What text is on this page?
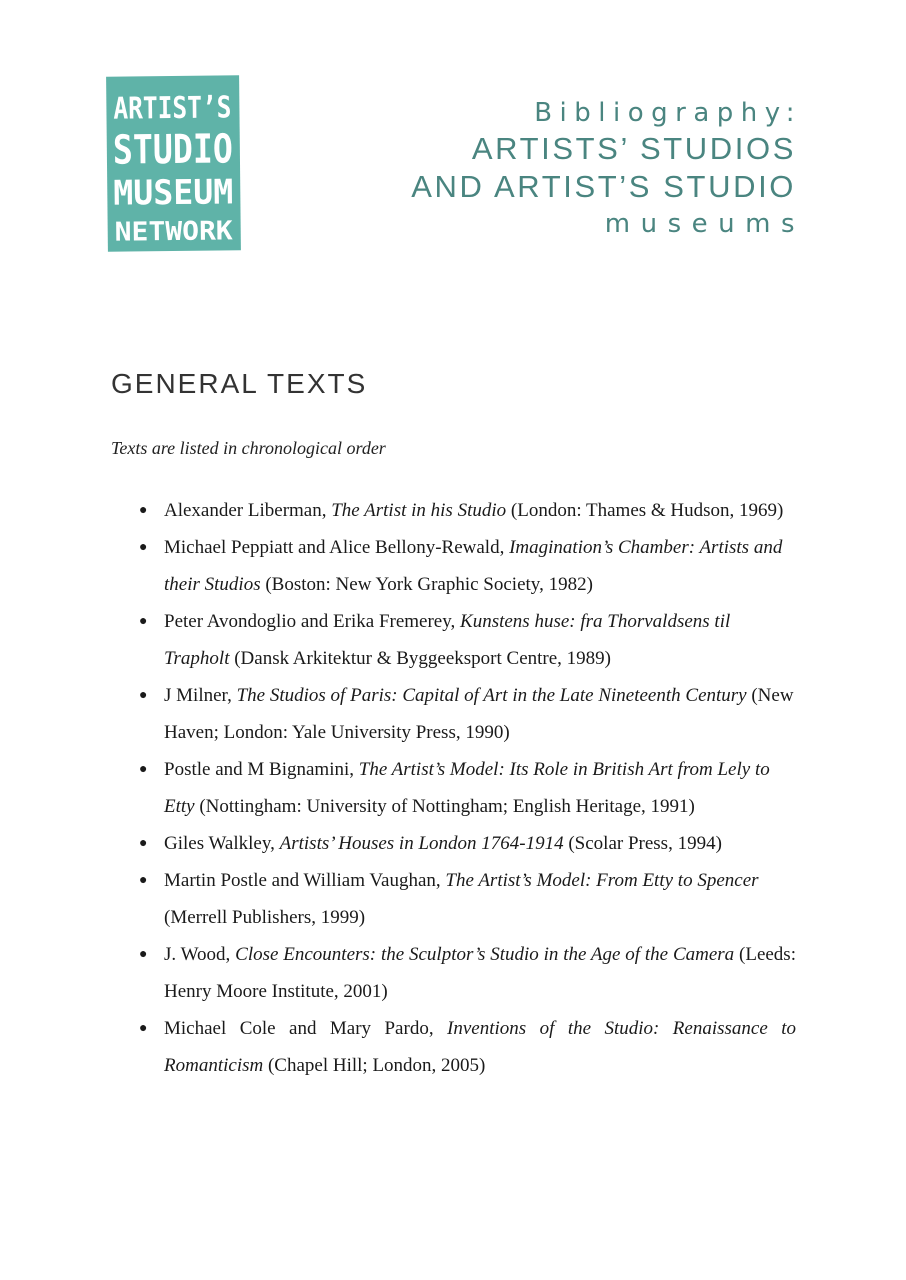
ARTIST’S
STUDIO
MUSEUM
NETWORK
Bibliography:
ARTISTS’ STUDIOS
AND ARTIST’S STUDIO
museums
GENERAL TEXTS

Texts are listed in chronological order

● Alexander Liberman, The Artist in his Studio (London: Thames & Hudson, 1969)
● Michael Peppiatt and Alice Bellony-Rewald, Imagination’s Chamber: Artists and their Studios (Boston: New York Graphic Society, 1982)
● Peter Avondoglio and Erika Fremerey, Kunstens huse: fra Thorvaldsens til Trapholt (Dansk Arkitektur & Byggeeksport Centre, 1989)
● J Milner, The Studios of Paris: Capital of Art in the Late Nineteenth Century (New Haven; London: Yale University Press, 1990)
● Postle and M Bignamini, The Artist’s Model: Its Role in British Art from Lely to Etty (Nottingham: University of Nottingham; English Heritage, 1991)
● Giles Walkley, Artists’ Houses in London 1764-1914 (Scolar Press, 1994)
● Martin Postle and William Vaughan, The Artist’s Model: From Etty to Spencer (Merrell Publishers, 1999)
● J. Wood, Close Encounters: the Sculptor’s Studio in the Age of the Camera (Leeds: Henry Moore Institute, 2001)
● Michael Cole and Mary Pardo, Inventions of the Studio: Renaissance to Romanticism (Chapel Hill; London, 2005)
